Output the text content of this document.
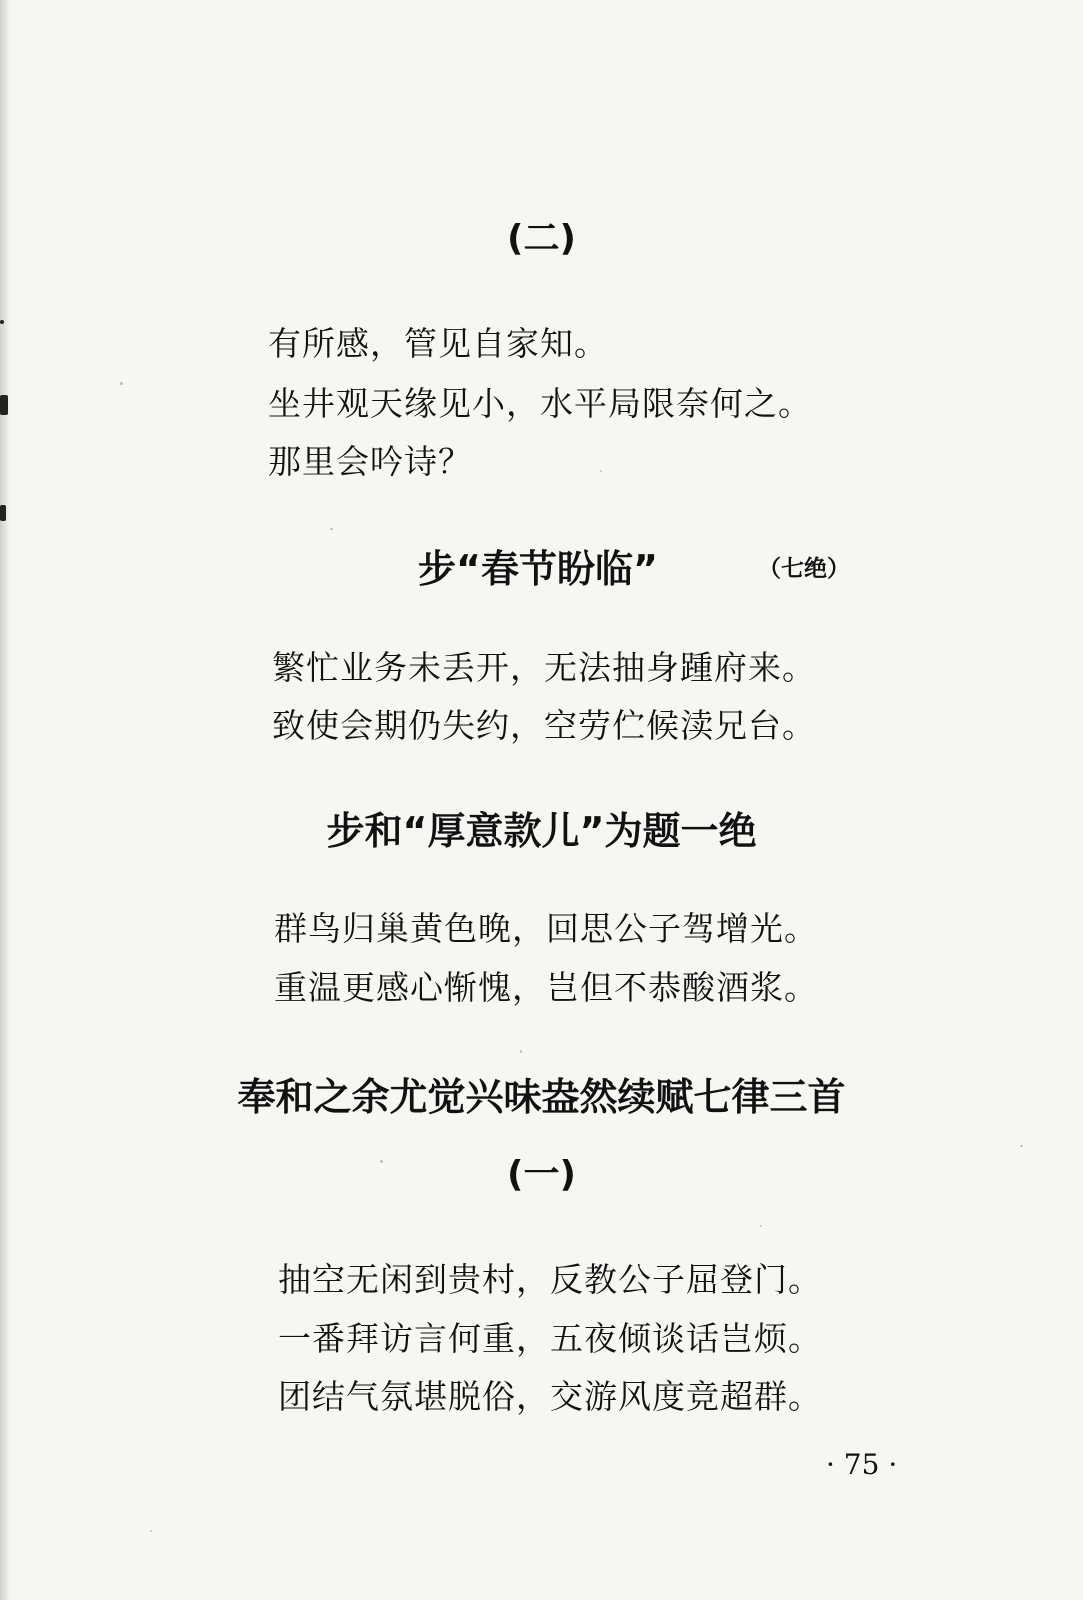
(二)
有所感，管见自家知。
坐井观天缘见小，水平局限奈何之。
那里会吟诗？
步“春节盼临”	（七绝）
繁忙业务未丢开，无法抽身踵府来。
致使会期仍失约，空劳伫候渎兄台。
步和“厚意款儿”为题一绝
群鸟归巢黄色晚，回思公子驾增光。
重温更感心惭愧，岂但不恭酸酒浆。
奉和之余尤觉兴味盎然续赋七律三首
(一)
抽空无闲到贵村，反教公子屈登门。
一番拜访言何重，五夜倾谈话岂烦。
团结气氛堪脱俗，交游风度竞超群。
· 75 ·
